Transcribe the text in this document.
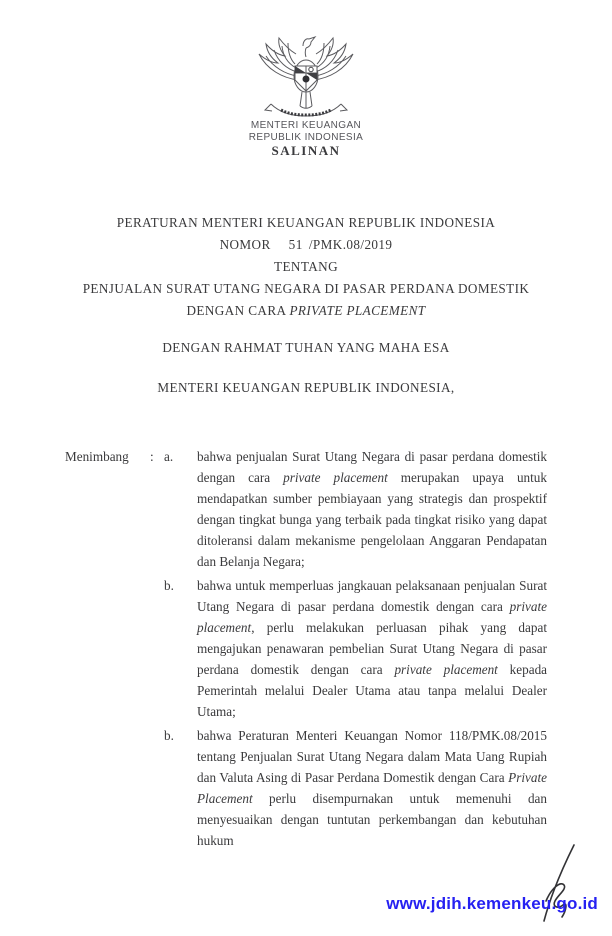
MENTERI KEUANGAN
REPUBLIK INDONESIA
SALINAN
PERATURAN MENTERI KEUANGAN REPUBLIK INDONESIA
NOMOR 51 /PMK.08/2019
TENTANG
PENJUALAN SURAT UTANG NEGARA DI PASAR PERDANA DOMESTIK
DENGAN CARA PRIVATE PLACEMENT
DENGAN RAHMAT TUHAN YANG MAHA ESA
MENTERI KEUANGAN REPUBLIK INDONESIA,
Menimbang	: a.	bahwa penjualan Surat Utang Negara di pasar perdana domestik dengan cara private placement merupakan upaya untuk mendapatkan sumber pembiayaan yang strategis dan prospektif dengan tingkat bunga yang terbaik pada tingkat risiko yang dapat ditoleransi dalam mekanisme pengelolaan Anggaran Pendapatan dan Belanja Negara;

b.	bahwa untuk memperluas jangkauan pelaksanaan penjualan Surat Utang Negara di pasar perdana domestik dengan cara private placement, perlu melakukan perluasan pihak yang dapat mengajukan penawaran pembelian Surat Utang Negara di pasar perdana domestik dengan cara private placement kepada Pemerintah melalui Dealer Utama atau tanpa melalui Dealer Utama;

b.	bahwa Peraturan Menteri Keuangan Nomor 118/PMK.08/2015 tentang Penjualan Surat Utang Negara dalam Mata Uang Rupiah dan Valuta Asing di Pasar Perdana Domestik dengan Cara Private Placement perlu disempurnakan untuk memenuhi dan menyesuaikan dengan tuntutan perkembangan dan kebutuhan hukum

www.jdih.kemenkeu.go.id
